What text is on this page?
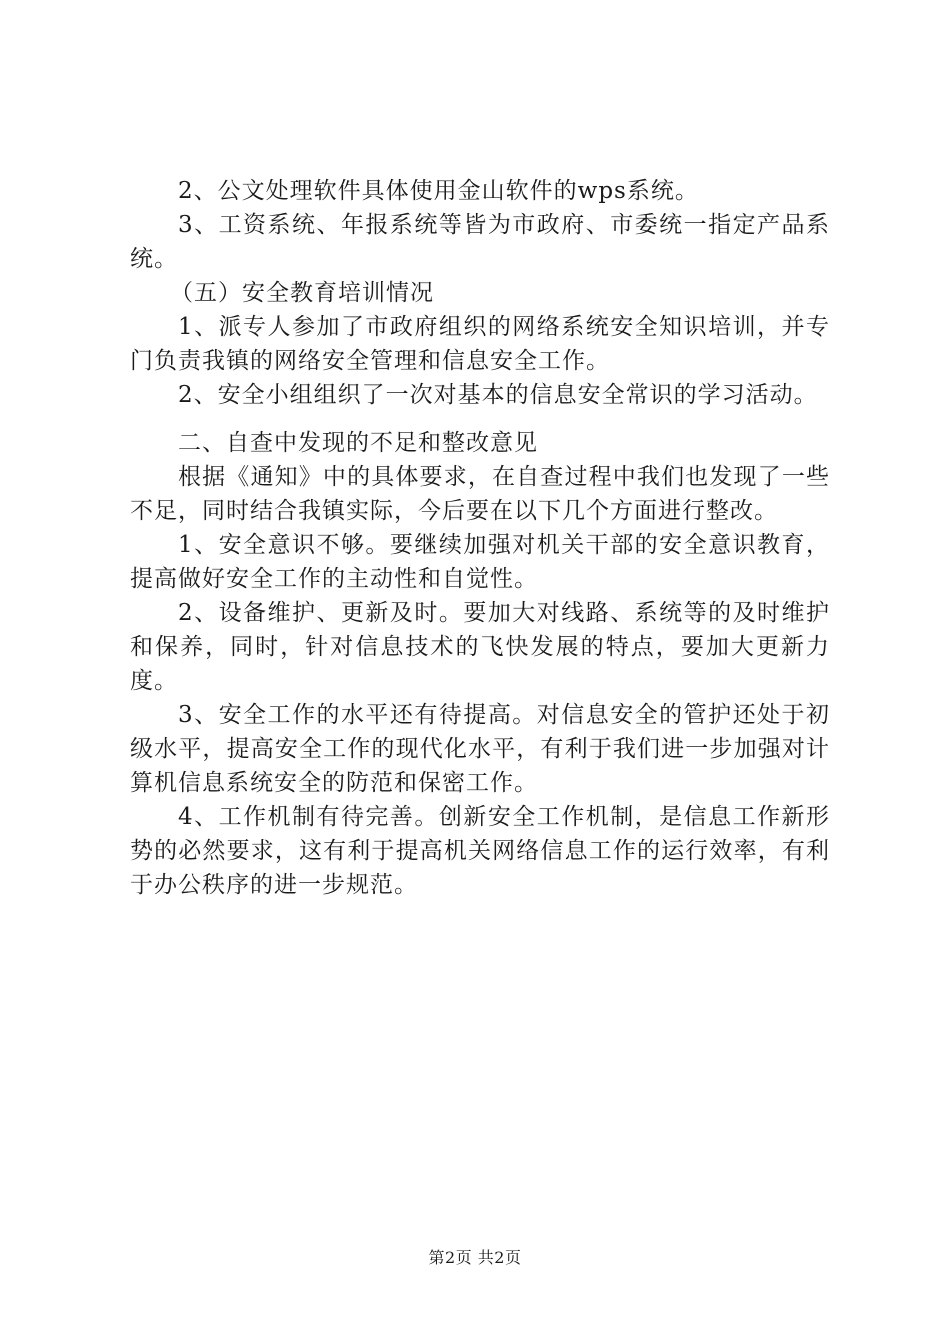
2、公文处理软件具体使用金山软件的wps系统。

3、工资系统、年报系统等皆为市政府、市委统一指定产品系统。

（五）安全教育培训情况

1、派专人参加了市政府组织的网络系统安全知识培训，并专门负责我镇的网络安全管理和信息安全工作。

2、安全小组组织了一次对基本的信息安全常识的学习活动。

二、自查中发现的不足和整改意见

根据《通知》中的具体要求，在自查过程中我们也发现了一些不足，同时结合我镇实际，今后要在以下几个方面进行整改。

1、安全意识不够。要继续加强对机关干部的安全意识教育，提高做好安全工作的主动性和自觉性。

2、设备维护、更新及时。要加大对线路、系统等的及时维护和保养，同时，针对信息技术的飞快发展的特点，要加大更新力度。

3、安全工作的水平还有待提高。对信息安全的管护还处于初级水平，提高安全工作的现代化水平，有利于我们进一步加强对计算机信息系统安全的防范和保密工作。

4、工作机制有待完善。创新安全工作机制，是信息工作新形势的必然要求，这有利于提高机关网络信息工作的运行效率，有利于办公秩序的进一步规范。

第2页 共2页
